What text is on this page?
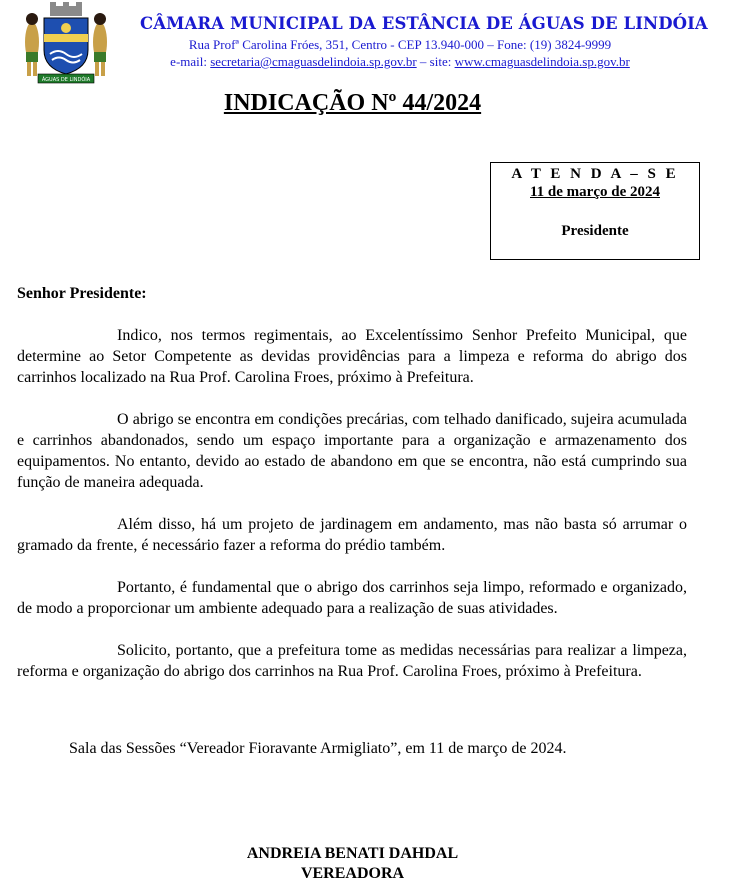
ÁGUAS DE LINDÓIA
CÂMARA MUNICIPAL DA ESTÂNCIA DE ÁGUAS DE LINDÓIA
Rua Profª Carolina Fróes, 351, Centro - CEP 13.940-000 – Fone: (19) 3824-9999
e-mail: secretaria@cmaguasdelindoia.sp.gov.br – site: www.cmaguasdelindoia.sp.gov.br
INDICAÇÃO Nº 44/2024
A T E N D A – S E
11 de março de 2024
Presidente
Senhor Presidente:

Indico, nos termos regimentais, ao Excelentíssimo Senhor Prefeito Municipal, que determine ao Setor Competente as devidas providências para a limpeza e reforma do abrigo dos carrinhos localizado na Rua Prof. Carolina Froes, próximo à Prefeitura.

O abrigo se encontra em condições precárias, com telhado danificado, sujeira acumulada e carrinhos abandonados, sendo um espaço importante para a organização e armazenamento dos equipamentos. No entanto, devido ao estado de abandono em que se encontra, não está cumprindo sua função de maneira adequada.

Além disso, há um projeto de jardinagem em andamento, mas não basta só arrumar o gramado da frente, é necessário fazer a reforma do prédio também.

Portanto, é fundamental que o abrigo dos carrinhos seja limpo, reformado e organizado, de modo a proporcionar um ambiente adequado para a realização de suas atividades.

Solicito, portanto, que a prefeitura tome as medidas necessárias para realizar a limpeza, reforma e organização do abrigo dos carrinhos na Rua Prof. Carolina Froes, próximo à Prefeitura.

Sala das Sessões “Vereador Fioravante Armigliato”, em 11 de março de 2024.
ANDREIA BENATI DAHDAL
VEREADORA
